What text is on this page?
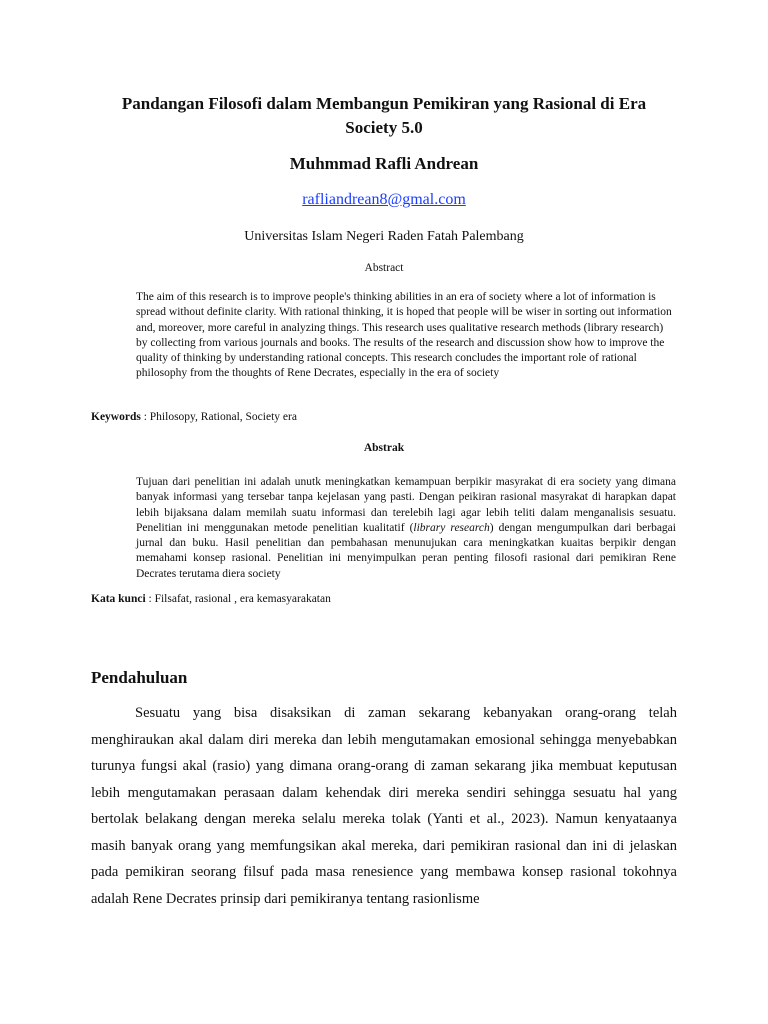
Pandangan Filosofi dalam Membangun Pemikiran yang Rasional di Era Society 5.0
Muhmmad Rafli Andrean
rafliandrean8@gmal.com
Universitas Islam Negeri Raden Fatah Palembang
Abstract

The aim of this research is to improve people's thinking abilities in an era of society where a lot of information is spread without definite clarity. With rational thinking, it is hoped that people will be wiser in sorting out information and, moreover, more careful in analyzing things. This research uses qualitative research methods (library research) by collecting from various journals and books. The results of the research and discussion show how to improve the quality of thinking by understanding rational concepts. This research concludes the important role of rational philosophy from the thoughts of Rene Decrates, especially in the era of society

Keywords : Philosopy, Rational, Society era
Abstrak

Tujuan dari penelitian ini adalah unutk meningkatkan kemampuan berpikir masyrakat di era society yang dimana banyak informasi yang tersebar tanpa kejelasan yang pasti. Dengan peikiran rasional masyrakat di harapkan dapat lebih bijaksana dalam memilah suatu informasi dan terelebih lagi agar lebih teliti dalam menganalisis sesuatu. Penelitian ini menggunakan metode penelitian kualitatif (library research) dengan mengumpulkan dari berbagai jurnal dan buku. Hasil penelitian dan pembahasan menunujukan cara meningkatkan kuaitas berpikir dengan memahami konsep rasional. Penelitian ini menyimpulkan peran penting filosofi rasional dari pemikiran Rene Decrates terutama diera society

Kata kunci : Filsafat, rasional , era kemasyarakatan
Pendahuluan

Sesuatu yang bisa disaksikan di zaman sekarang kebanyakan orang-orang telah menghiraukan akal dalam diri mereka dan lebih mengutamakan emosional sehingga menyebabkan turunya fungsi akal (rasio) yang dimana orang-orang di zaman sekarang jika membuat keputusan lebih mengutamakan perasaan dalam kehendak diri mereka sendiri sehingga sesuatu hal yang bertolak belakang dengan mereka selalu mereka tolak (Yanti et al., 2023). Namun kenyataanya masih banyak orang yang memfungsikan akal mereka, dari pemikiran rasional dan ini di jelaskan pada pemikiran seorang filsuf pada masa renesience yang membawa konsep rasional tokohnya adalah Rene Decrates prinsip dari pemikiranya tentang rasionlisme
